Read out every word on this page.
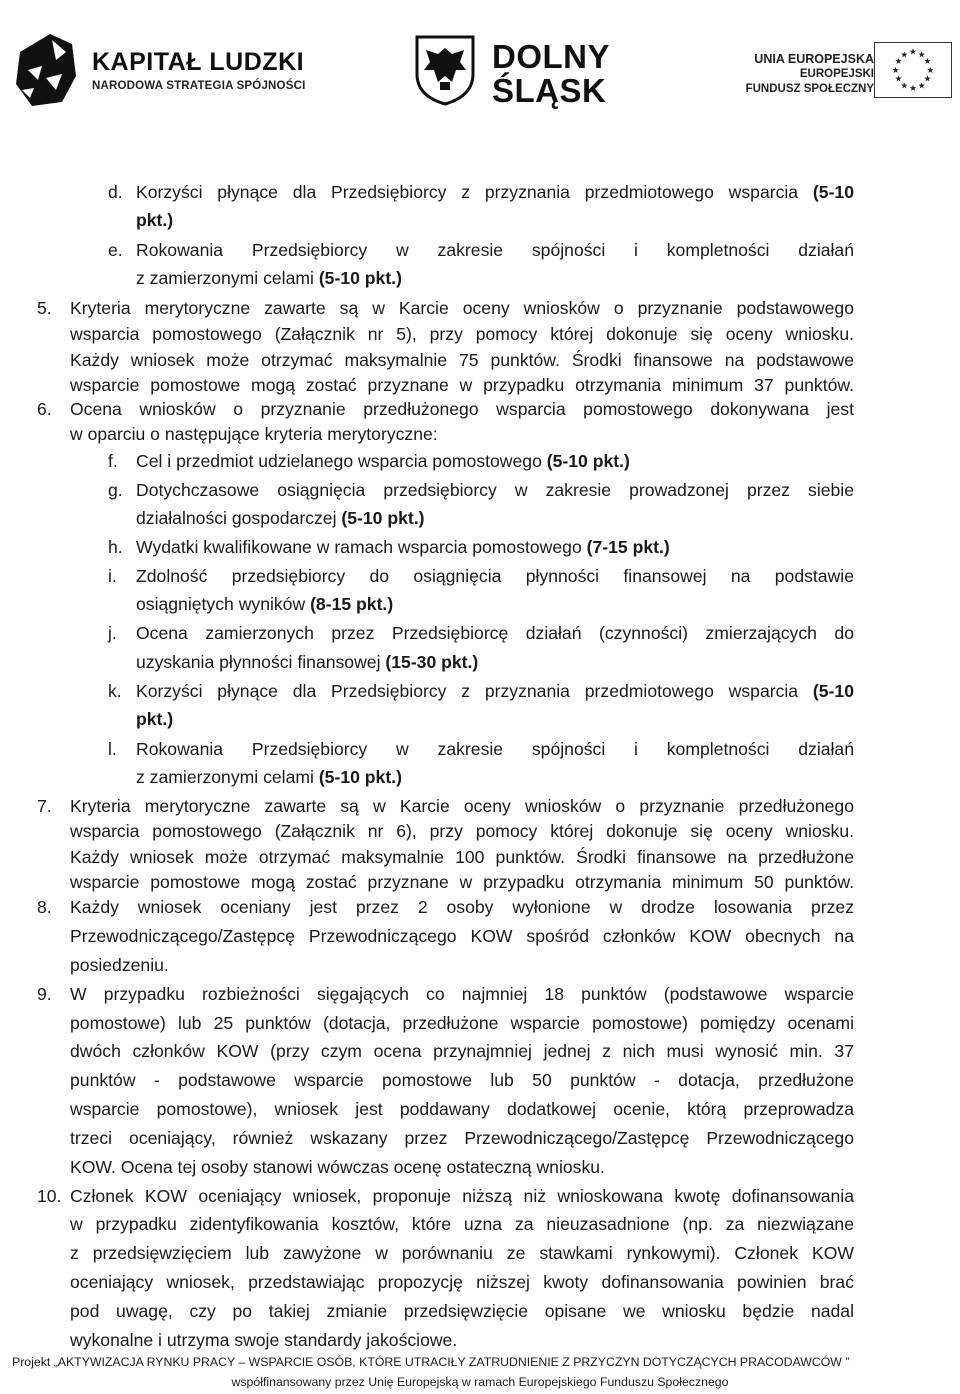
KAPITAŁ LUDZKI
NARODOWA STRATEGIA SPÓJNOŚCI
DOLNY
ŚLĄSK
UNIA EUROPEJSKA
EUROPEJSKI
FUNDUSZ SPOŁECZNY
★ ★
★
★
★
★
★
★
★
★
★
★
d. Korzyści płynące dla Przedsiębiorcy z przyznania przedmiotowego wsparcia (5-10
pkt.)
e. Rokowania Przedsiębiorcy w zakresie spójności i kompletności działań
z zamierzonymi celami (5-10 pkt.)
5. Kryteria merytoryczne zawarte są w Karcie oceny wniosków o przyznanie podstawowego
wsparcia pomostowego (Załącznik nr 5), przy pomocy której dokonuje się oceny wniosku.
Każdy wniosek może otrzymać maksymalnie 75 punktów. Środki finansowe na podstawowe
wsparcie pomostowe mogą zostać przyznane w przypadku otrzymania minimum 37 punktów.
6. Ocena wniosków o przyznanie przedłużonego wsparcia pomostowego dokonywana jest
w oparciu o następujące kryteria merytoryczne:
f. Cel i przedmiot udzielanego wsparcia pomostowego (5-10 pkt.)
g. Dotychczasowe osiągnięcia przedsiębiorcy w zakresie prowadzonej przez siebie
działalności gospodarczej (5-10 pkt.)
h. Wydatki kwalifikowane w ramach wsparcia pomostowego (7-15 pkt.)
i. Zdolność przedsiębiorcy do osiągnięcia płynności finansowej na podstawie
osiągniętych wyników (8-15 pkt.)
j. Ocena zamierzonych przez Przedsiębiorcę działań (czynności) zmierzających do
uzyskania płynności finansowej (15-30 pkt.)
k. Korzyści płynące dla Przedsiębiorcy z przyznania przedmiotowego wsparcia (5-10
pkt.)
l. Rokowania Przedsiębiorcy w zakresie spójności i kompletności działań
z zamierzonymi celami (5-10 pkt.)
7. Kryteria merytoryczne zawarte są w Karcie oceny wniosków o przyznanie przedłużonego
wsparcia pomostowego (Załącznik nr 6), przy pomocy której dokonuje się oceny wniosku.
Każdy wniosek może otrzymać maksymalnie 100 punktów. Środki finansowe na przedłużone
wsparcie pomostowe mogą zostać przyznane w przypadku otrzymania minimum 50 punktów.
8. Każdy wniosek oceniany jest przez 2 osoby wyłonione w drodze losowania przez
Przewodniczącego/Zastępcę Przewodniczącego KOW spośród członków KOW obecnych na
posiedzeniu.
9. W przypadku rozbieżności sięgających co najmniej 18 punktów (podstawowe wsparcie
pomostowe) lub 25 punktów (dotacja, przedłużone wsparcie pomostowe) pomiędzy ocenami
dwóch członków KOW (przy czym ocena przynajmniej jednej z nich musi wynosić min. 37
punktów - podstawowe wsparcie pomostowe lub 50 punktów - dotacja, przedłużone
wsparcie pomostowe), wniosek jest poddawany dodatkowej ocenie, którą przeprowadza
trzeci oceniający, również wskazany przez Przewodniczącego/Zastępcę Przewodniczącego
KOW. Ocena tej osoby stanowi wówczas ocenę ostateczną wniosku.
10. Członek KOW oceniający wniosek, proponuje niższą niż wnioskowana kwotę dofinansowania
w przypadku zidentyfikowania kosztów, które uzna za nieuzasadnione (np. za niezwiązane
z przedsięwzięciem lub zawyżone w porównaniu ze stawkami rynkowymi). Członek KOW
oceniający wniosek, przedstawiając propozycję niższej kwoty dofinansowania powinien brać
pod uwagę, czy po takiej zmianie przedsięwzięcie opisane we wniosku będzie nadal
wykonalne i utrzyma swoje standardy jakościowe.
Projekt „AKTYWIZACJA RYNKU PRACY – WSPARCIE OSÓB, KTÓRE UTRACIŁY ZATRUDNIENIE Z PRZYCZYN DOTYCZĄCYCH PRACODAWCÓW ”
współfinansowany przez Unię Europejską w ramach Europejskiego Funduszu Społecznego
